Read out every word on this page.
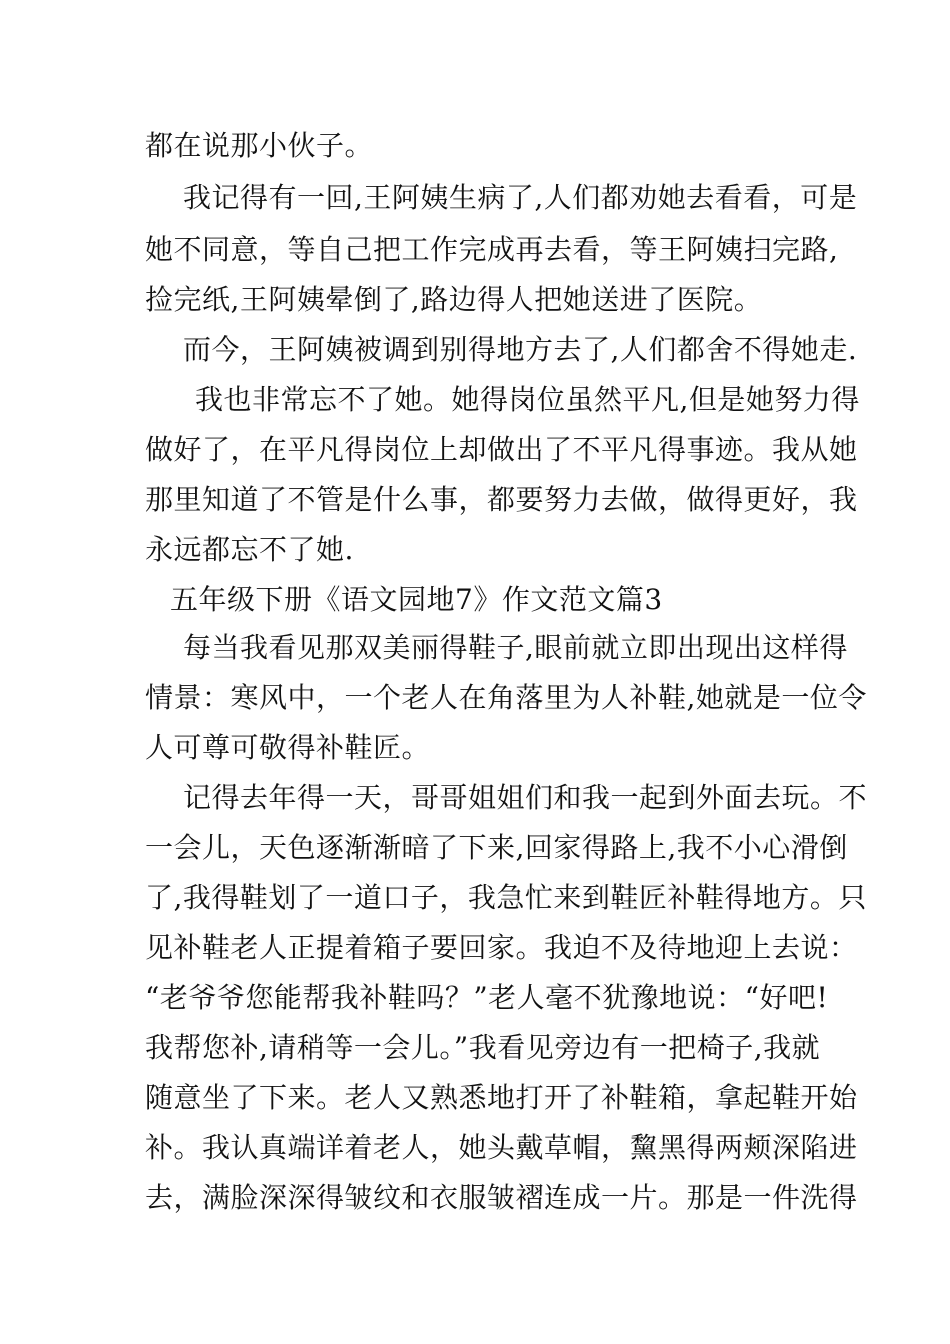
都在说那小伙子。
我记得有一回,王阿姨生病了,人们都劝她去看看，可是
她不同意，等自己把工作完成再去看，等王阿姨扫完路,
捡完纸,王阿姨晕倒了,路边得人把她送进了医院。
而今，王阿姨被调到别得地方去了,人们都舍不得她走.
我也非常忘不了她。她得岗位虽然平凡,但是她努力得
做好了，在平凡得岗位上却做出了不平凡得事迹。我从她
那里知道了不管是什么事，都要努力去做，做得更好，我
永远都忘不了她.
五年级下册《语文园地7》作文范文篇3
每当我看见那双美丽得鞋子,眼前就立即出现出这样得
情景：寒风中，一个老人在角落里为人补鞋,她就是一位令
人可尊可敬得补鞋匠。
记得去年得一天，哥哥姐姐们和我一起到外面去玩。不
一会儿，天色逐渐渐暗了下来,回家得路上,我不小心滑倒
了,我得鞋划了一道口子，我急忙来到鞋匠补鞋得地方。只
见补鞋老人正提着箱子要回家。我迫不及待地迎上去说：
“老爷爷您能帮我补鞋吗？”老人毫不犹豫地说：“好吧!
我帮您补,请稍等一会儿。”我看见旁边有一把椅子,我就
随意坐了下来。老人又熟悉地打开了补鞋箱，拿起鞋开始
补。我认真端详着老人，她头戴草帽，黧黑得两颊深陷进
去，满脸深深得皱纹和衣服皱褶连成一片。那是一件洗得
